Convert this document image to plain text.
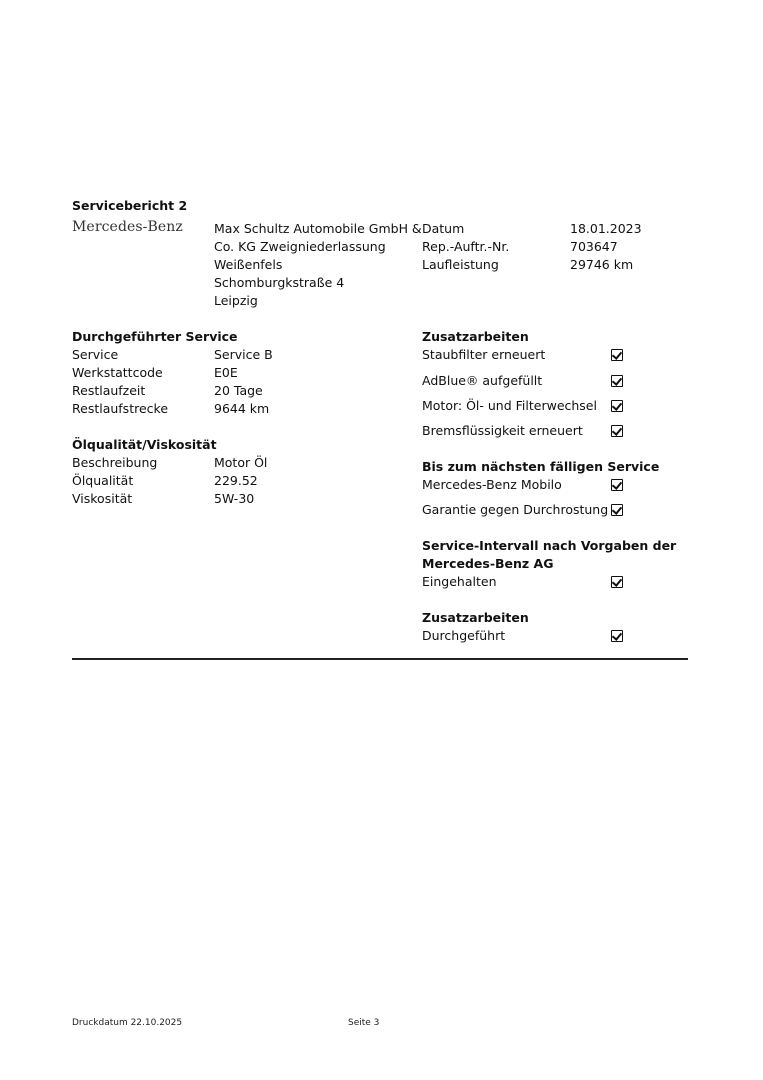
Servicebericht 2
Mercedes-Benz Max Schultz Automobile GmbH &
Co. KG Zweigniederlassung
Weißenfels
Schomburgkstraße 4
Leipzig
Datum	18.01.2023
Rep.-Auftr.-Nr.	703647
Laufleistung	29746 km
Durchgeführter Service
Service	Service B
Werkstattcode	E0E
Restlaufzeit	20 Tage
Restlaufstrecke	9644 km
Ölqualität/Viskosität
Beschreibung	Motor Öl
Ölqualität	229.52
Viskosität	5W-30
Zusatzarbeiten
Staubfilter erneuert
AdBlue® aufgefüllt
Motor: Öl- und Filterwechsel
Bremsflüssigkeit erneuert
Bis zum nächsten fälligen Service
Mercedes-Benz Mobilo
Garantie gegen Durchrostung
Service-Intervall nach Vorgaben der
Mercedes-Benz AG
Eingehalten
Zusatzarbeiten
Durchgeführt
Druckdatum 22.10.2025	Seite 3
